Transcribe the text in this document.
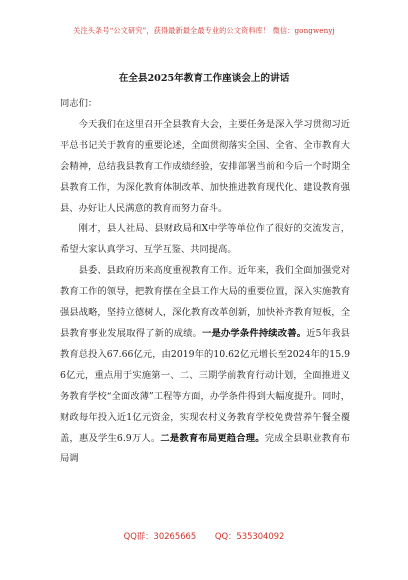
关注头条号“公文研究”，获得最新最全最专业的公文资料库！ 微信：gongwenyj
在全县2025年教育工作座谈会上的讲话

同志们：

今天我们在这里召开全县教育大会，主要任务是深入学习贯彻习近平总书记关于教育的重要论述，全面贯彻落实全国、全省、全市教育大会精神，总结我县教育工作成绩经验，安排部署当前和今后一个时期全县教育工作，为深化教育体制改革、加快推进教育现代化、建设教育强县、办好让人民满意的教育而努力奋斗。

刚才，县人社局、县财政局和X中学等单位作了很好的交流发言，希望大家认真学习、互学互鉴、共同提高。

县委、县政府历来高度重视教育工作。近年来，我们全面加强党对教育工作的领导，把教育摆在全县工作大局的重要位置，深入实施教育强县战略，坚持立德树人，深化教育改革创新，加快补齐教育短板，全县教育事业发展取得了新的成绩。一是办学条件持续改善。近5年我县教育总投入67.66亿元，由2019年的10.62亿元增长至2024年的15.96亿元，重点用于实施第一、二、三期学前教育行动计划，全面推进义务教育学校“全面改薄”工程等方面，办学条件得到大幅度提升。同时，财政每年投入近1亿元资金，实现农村义务教育学校免费营养午餐全覆盖，惠及学生6.9万人。二是教育布局更趋合理。完成全县职业教育布局调

QQ群：30265665 QQ：535304092
